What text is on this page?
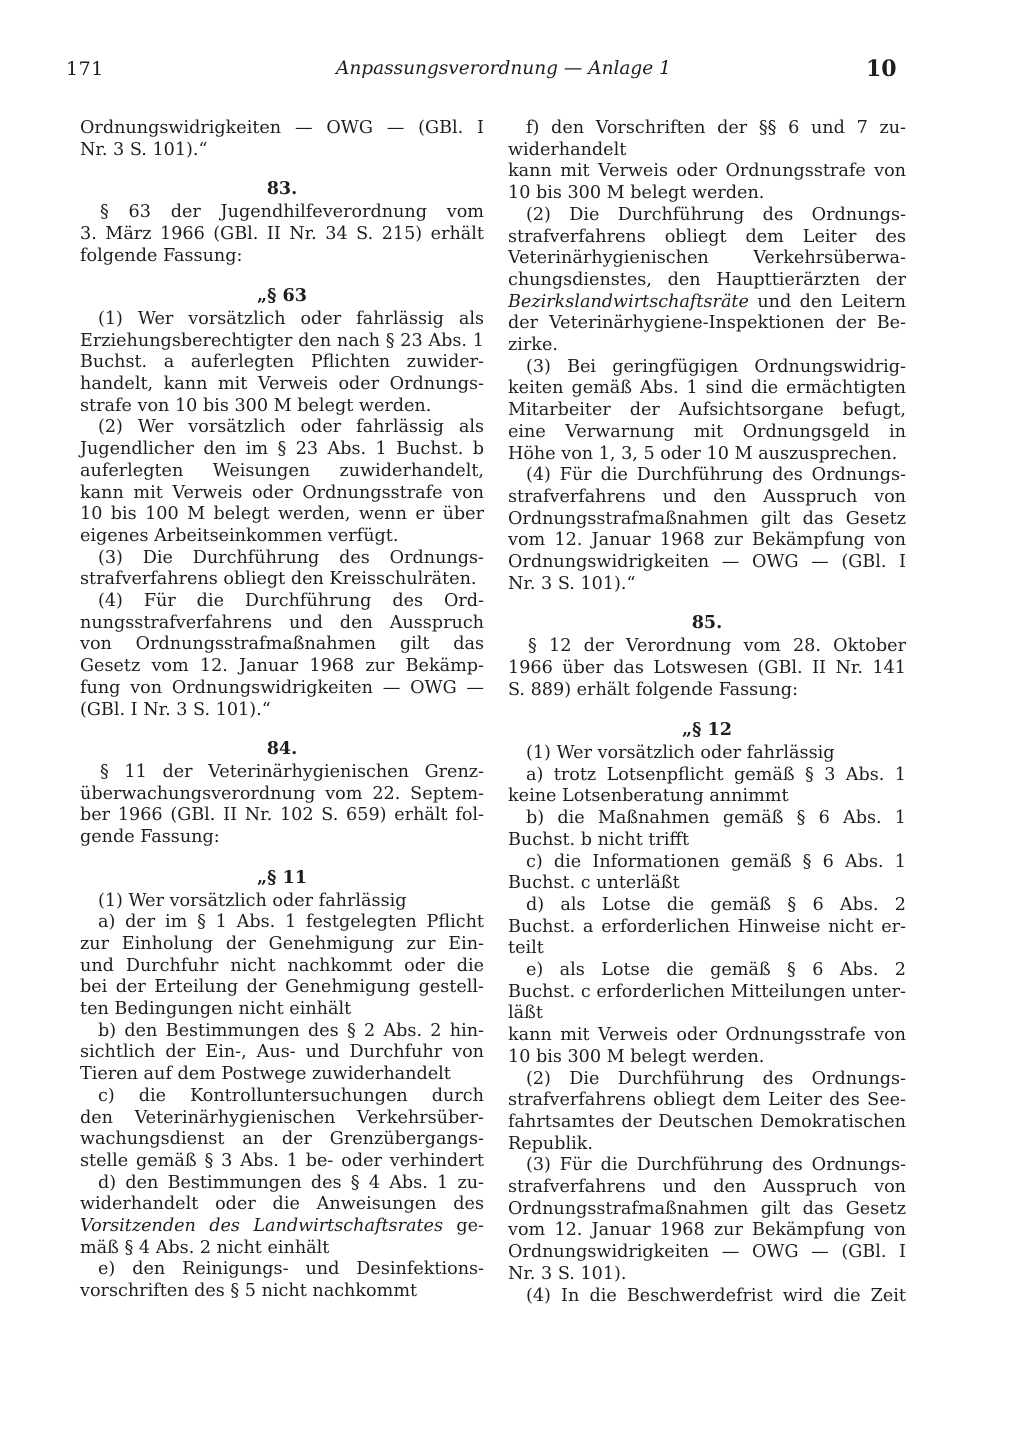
171	Anpassungsverordnung — Anlage 1	10

Ordnungswidrigkeiten — OWG — (GBl. I

Nr. 3 S. 101).“

83.

§ 63 der Jugendhilfeverordnung vom

3. März 1966 (GBl. II Nr. 34 S. 215) erhält

folgende Fassung:

„§ 63

(1) Wer vorsätzlich oder fahrlässig als

Erziehungsberechtigter den nach § 23 Abs. 1

Buchst. a auferlegten Pflichten zuwider-

handelt, kann mit Verweis oder Ordnungs-

strafe von 10 bis 300 M belegt werden.

(2) Wer vorsätzlich oder fahrlässig als

Jugendlicher den im § 23 Abs. 1 Buchst. b

auferlegten Weisungen zuwiderhandelt,

kann mit Verweis oder Ordnungsstrafe von

10 bis 100 M belegt werden, wenn er über

eigenes Arbeitseinkommen verfügt.

(3) Die Durchführung des Ordnungs-

strafverfahrens obliegt den Kreisschulräten.

(4) Für die Durchführung des Ord-

nungsstrafverfahrens und den Ausspruch

von Ordnungsstrafmaßnahmen gilt das

Gesetz vom 12. Januar 1968 zur Bekämp-

fung von Ordnungswidrigkeiten — OWG —

(GBl. I Nr. 3 S. 101).“

84.

§ 11 der Veterinärhygienischen Grenz-

überwachungsverordnung vom 22. Septem-

ber 1966 (GBl. II Nr. 102 S. 659) erhält fol-

gende Fassung:

„§ 11

(1) Wer vorsätzlich oder fahrlässig

a) der im § 1 Abs. 1 festgelegten Pflicht

zur Einholung der Genehmigung zur Ein-

und Durchfuhr nicht nachkommt oder die

bei der Erteilung der Genehmigung gestell-

ten Bedingungen nicht einhält

b) den Bestimmungen des § 2 Abs. 2 hin-

sichtlich der Ein-, Aus- und Durchfuhr von

Tieren auf dem Postwege zuwiderhandelt

c) die Kontrolluntersuchungen durch

den Veterinärhygienischen Verkehrsüber-

wachungsdienst an der Grenzübergangs-

stelle gemäß § 3 Abs. 1 be- oder verhindert

d) den Bestimmungen des § 4 Abs. 1 zu-

widerhandelt oder die Anweisungen des

Vorsitzenden des Landwirtschaftsrates ge-

mäß § 4 Abs. 2 nicht einhält

e) den Reinigungs- und Desinfektions-

vorschriften des § 5 nicht nachkommt

f) den Vorschriften der §§ 6 und 7 zu-

widerhandelt

kann mit Verweis oder Ordnungsstrafe von

10 bis 300 M belegt werden.

(2) Die Durchführung des Ordnungs-

strafverfahrens obliegt dem Leiter des

Veterinärhygienischen Verkehrsüberwa-

chungsdienstes, den Haupttierärzten der

Bezirkslandwirtschaftsräte und den Leitern

der Veterinärhygiene-Inspektionen der Be-

zirke.

(3) Bei geringfügigen Ordnungswidrig-

keiten gemäß Abs. 1 sind die ermächtigten

Mitarbeiter der Aufsichtsorgane befugt,

eine Verwarnung mit Ordnungsgeld in

Höhe von 1, 3, 5 oder 10 M auszusprechen.

(4) Für die Durchführung des Ordnungs-

strafverfahrens und den Ausspruch von

Ordnungsstrafmaßnahmen gilt das Gesetz

vom 12. Januar 1968 zur Bekämpfung von

Ordnungswidrigkeiten — OWG — (GBl. I

Nr. 3 S. 101).“

85.

§ 12 der Verordnung vom 28. Oktober

1966 über das Lotswesen (GBl. II Nr. 141

S. 889) erhält folgende Fassung:

„§ 12

(1) Wer vorsätzlich oder fahrlässig

a) trotz Lotsenpflicht gemäß § 3 Abs. 1

keine Lotsenberatung annimmt

b) die Maßnahmen gemäß § 6 Abs. 1

Buchst. b nicht trifft

c) die Informationen gemäß § 6 Abs. 1

Buchst. c unterläßt

d) als Lotse die gemäß § 6 Abs. 2

Buchst. a erforderlichen Hinweise nicht er-

teilt

e) als Lotse die gemäß § 6 Abs. 2

Buchst. c erforderlichen Mitteilungen unter-

läßt

kann mit Verweis oder Ordnungsstrafe von

10 bis 300 M belegt werden.

(2) Die Durchführung des Ordnungs-

strafverfahrens obliegt dem Leiter des See-

fahrtsamtes der Deutschen Demokratischen

Republik.

(3) Für die Durchführung des Ordnungs-

strafverfahrens und den Ausspruch von

Ordnungsstrafmaßnahmen gilt das Gesetz

vom 12. Januar 1968 zur Bekämpfung von

Ordnungswidrigkeiten — OWG — (GBl. I

Nr. 3 S. 101).

(4) In die Beschwerdefrist wird die Zeit
